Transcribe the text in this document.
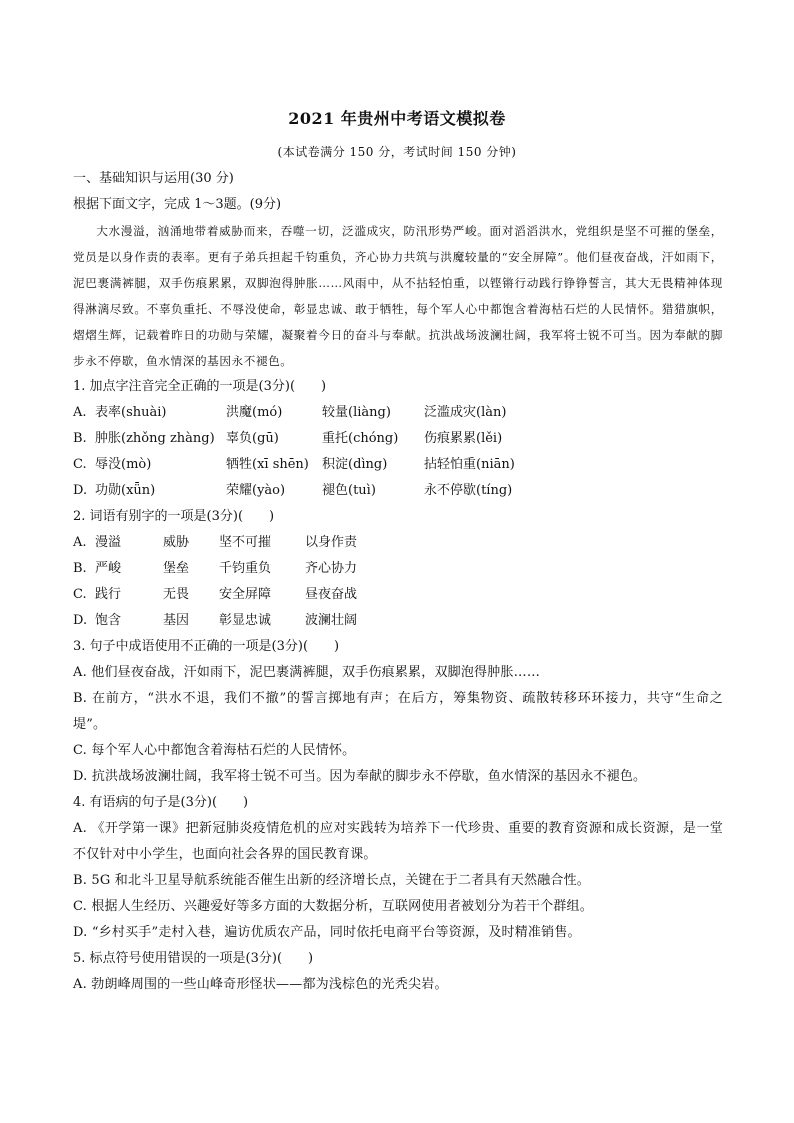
2021 年贵州中考语文模拟卷
(本试卷满分 150 分，考试时间 150 分钟)
一、基础知识与运用(30 分)
根据下面文字，完成 1～3题。(9分)

大水漫溢，汹涌地带着威胁而来，吞噬一切，泛滥成灾，防汛形势严峻。面对滔滔洪水，党组织是坚不可摧的堡垒，党员是以身作责的表率。更有子弟兵担起千钧重负，齐心协力共筑与洪魔较量的“安全屏障”。他们昼夜奋战，汗如雨下，泥巴裹满裤腿，双手伤痕累累，双脚泡得肿胀……风雨中，从不拈轻怕重，以铿锵行动践行铮铮誓言，其大无畏精神体现得淋漓尽致。不辜负重托、不辱没使命，彰显忠诚、敢于牺牲，每个军人心中都饱含着海枯石烂的人民情怀。猎猎旗帜，熠熠生辉，记载着昨日的功勋与荣耀，凝聚着今日的奋斗与奉献。抗洪战场波澜壮阔，我军将士锐不可当。因为奉献的脚步永不停歇，鱼水情深的基因永不褪色。

1. 加点字注音完全正确的一项是(3分)(　　)
A. 表率(shuài)	洪魔(mó)	较量(liàng)	泛滥成灾(làn)
B. 肿胀(zhǒng zhàng) 辜负(gū)	重托(chóng)	伤痕累累(lěi)
C. 辱没(mò)	牺牲(xī shēn)	积淀(dìng)	拈轻怕重(niān)
D. 功勋(xǖn)	荣耀(yào)	褪色(tuì)	永不停歇(tíng)
2. 词语有别字的一项是(3分)(　　)
A. 漫溢	威胁	坚不可摧	以身作责
B. 严峻	堡垒	千钧重负	齐心协力
C. 践行	无畏	安全屏障	昼夜奋战
D. 饱含	基因	彰显忠诚	波澜壮阔
3. 句子中成语使用不正确的一项是(3分)(　　)
A. 他们昼夜奋战，汗如雨下，泥巴裹满裤腿，双手伤痕累累，双脚泡得肿胀……
B. 在前方，“洪水不退，我们不撤”的誓言掷地有声；在后方，筹集物资、疏散转移环环接力，共守“生命之堤”。
C. 每个军人心中都饱含着海枯石烂的人民情怀。
D. 抗洪战场波澜壮阔，我军将士锐不可当。因为奉献的脚步永不停歇，鱼水情深的基因永不褪色。
4. 有语病的句子是(3分)(　　)
A. 《开学第一课》把新冠肺炎疫情危机的应对实践转为培养下一代珍贵、重要的教育资源和成长资源，是一堂不仅针对中小学生，也面向社会各界的国民教育课。
B. 5G 和北斗卫星导航系统能否催生出新的经济增长点，关键在于二者具有天然融合性。
C. 根据人生经历、兴趣爱好等多方面的大数据分析，互联网使用者被划分为若干个群组。
D. “乡村买手”走村入巷，遍访优质农产品，同时依托电商平台等资源，及时精准销售。
5. 标点符号使用错误的一项是(3分)(　　)
A. 勃朗峰周围的一些山峰奇形怪状——都为浅棕色的光秃尖岩。
